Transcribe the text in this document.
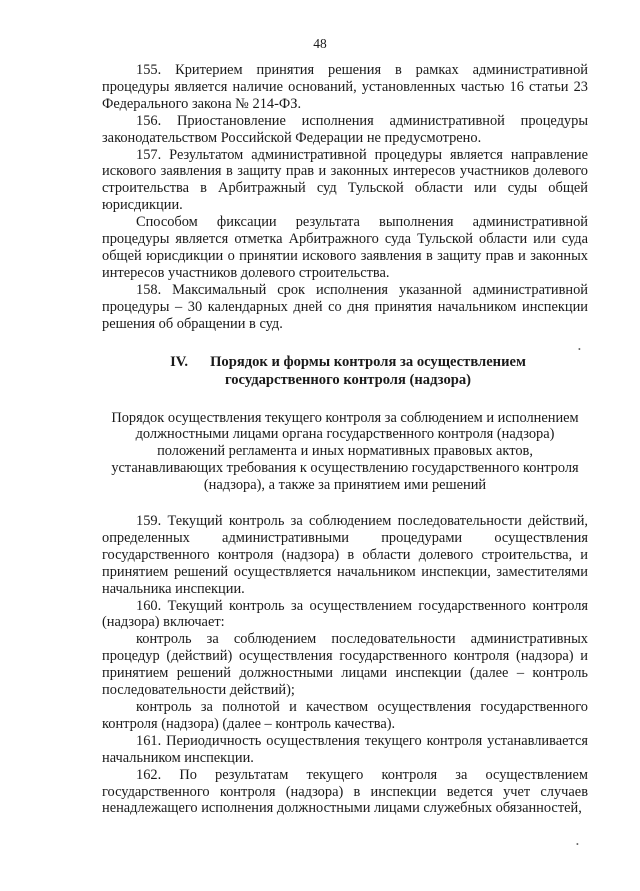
48

155. Критерием принятия решения в рамках административной процедуры является наличие оснований, установленных частью 16 статьи 23 Федерального закона № 214-ФЗ.

156. Приостановление исполнения административной процедуры законодательством Российской Федерации не предусмотрено.

157. Результатом административной процедуры является направление искового заявления в защиту прав и законных интересов участников долевого строительства в Арбитражный суд Тульской области или суды общей юрисдикции.

Способом фиксации результата выполнения административной процедуры является отметка Арбитражного суда Тульской области или суда общей юрисдикции о принятии искового заявления в защиту прав и законных интересов участников долевого строительства.

158. Максимальный срок исполнения указанной административной процедуры – 30 календарных дней со дня принятия начальником инспекции решения об обращении в суд.

IV. Порядок и формы контроля за осуществлением
государственного контроля (надзора)
Порядок осуществления текущего контроля за соблюдением и исполнением должностными лицами органа государственного контроля (надзора) положений регламента и иных нормативных правовых актов, устанавливающих требования к осуществлению государственного контроля (надзора), а также за принятием ими решений

159. Текущий контроль за соблюдением последовательности действий, определенных административными процедурами осуществления государственного контроля (надзора) в области долевого строительства, и принятием решений осуществляется начальником инспекции, заместителями начальника инспекции.

160. Текущий контроль за осуществлением государственного контроля (надзора) включает:

контроль за соблюдением последовательности административных процедур (действий) осуществления государственного контроля (надзора) и принятием решений должностными лицами инспекции (далее – контроль последовательности действий);

контроль за полнотой и качеством осуществления государственного контроля (надзора) (далее – контроль качества).

161. Периодичность осуществления текущего контроля устанавливается начальником инспекции.

162. По результатам текущего контроля за осуществлением государственного контроля (надзора) в инспекции ведется учет случаев ненадлежащего исполнения должностными лицами служебных обязанностей,

•
•
